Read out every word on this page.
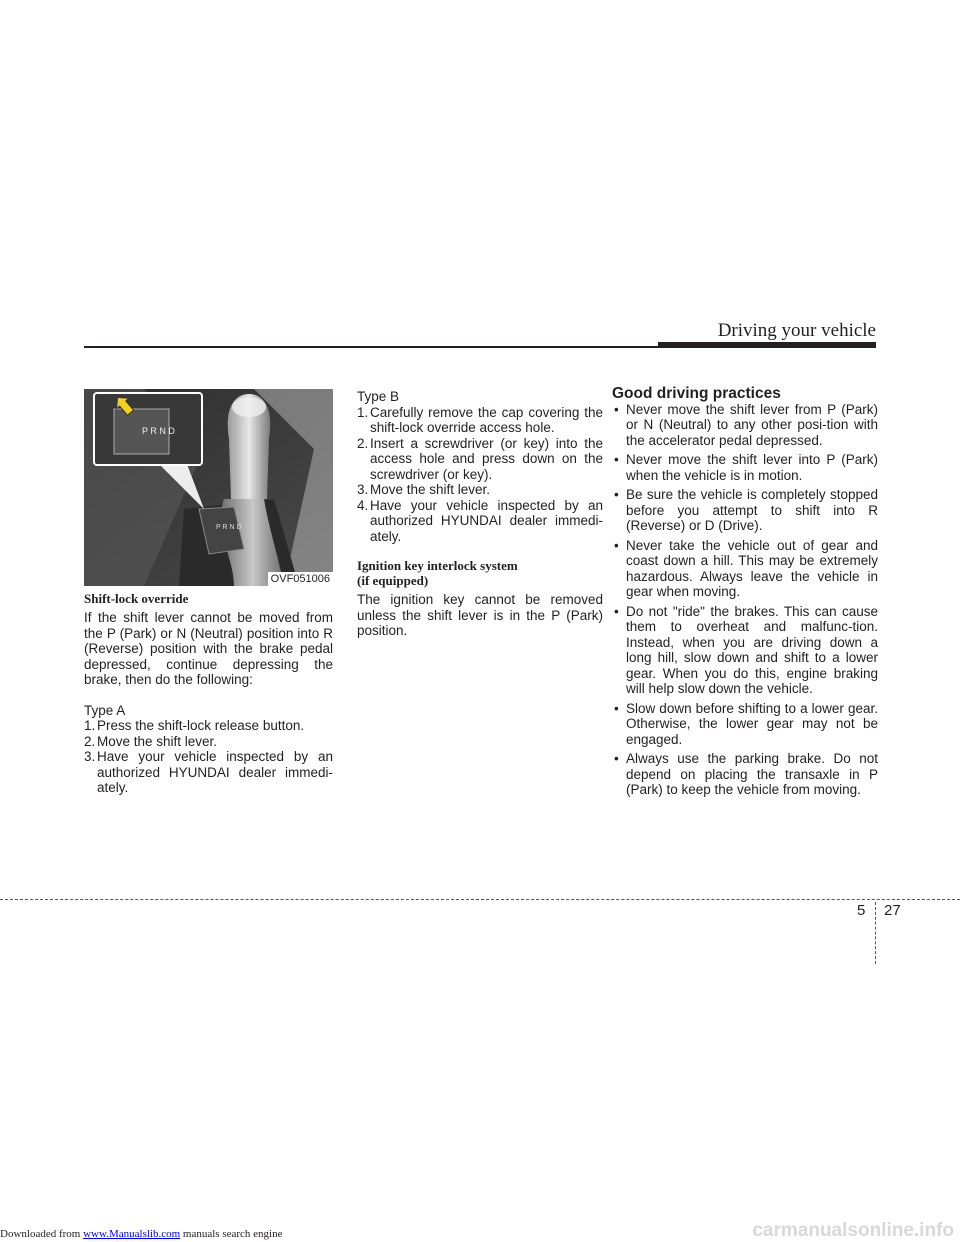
Driving your vehicle
P R N D
P R N D
OVF051006

Shift-lock override

If the shift lever cannot be moved from the P (Park) or N (Neutral) position into R (Reverse) position with the brake pedal depressed, continue depressing the brake, then do the following:

Type A

1. Press the shift-lock release button.
2. Move the shift lever.
3. Have your vehicle inspected by an authorized HYUNDAI dealer immedi-ately.

Type B

1. Carefully remove the cap covering the shift-lock override access hole.
2. Insert a screwdriver (or key) into the access hole and press down on the screwdriver (or key).
3. Move the shift lever.
4. Have your vehicle inspected by an authorized HYUNDAI dealer immedi-ately.

Ignition key interlock system

(if equipped)

The ignition key cannot be removed unless the shift lever is in the P (Park) position.

Good driving practices

• Never move the shift lever from P (Park) or N (Neutral) to any other posi-tion with the accelerator pedal depressed.
• Never move the shift lever into P (Park) when the vehicle is in motion.
• Be sure the vehicle is completely stopped before you attempt to shift into R (Reverse) or D (Drive).
• Never take the vehicle out of gear and coast down a hill. This may be extremely hazardous. Always leave the vehicle in gear when moving.
• Do not "ride" the brakes. This can cause them to overheat and malfunc-tion. Instead, when you are driving down a long hill, slow down and shift to a lower gear. When you do this, engine braking will help slow down the vehicle.
• Slow down before shifting to a lower gear. Otherwise, the lower gear may not be engaged.
• Always use the parking brake. Do not depend on placing the transaxle in P (Park) to keep the vehicle from moving.
5 27
Downloaded from www.Manualslib.com manuals search engine	carmanualsonline.info
